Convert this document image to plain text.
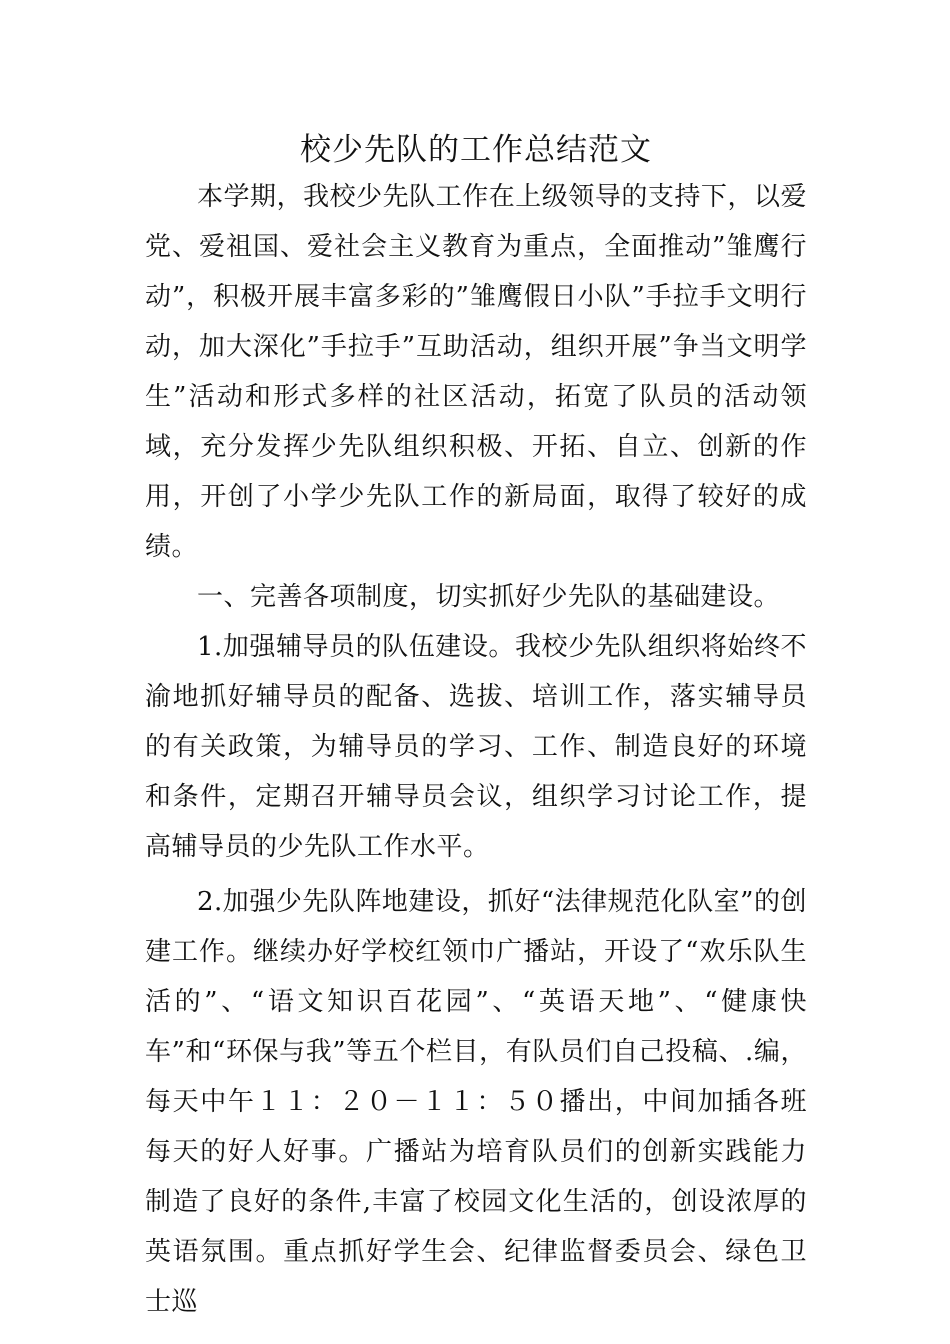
校少先队的工作总结范文

本学期，我校少先队工作在上级领导的支持下，以爱党、爱祖国、爱社会主义教育为重点，全面推动”雏鹰行动”，积极开展丰富多彩的”雏鹰假日小队”手拉手文明行动，加大深化”手拉手”互助活动，组织开展”争当文明学生”活动和形式多样的社区活动，拓宽了队员的活动领域，充分发挥少先队组织积极、开拓、自立、创新的作用，开创了小学少先队工作的新局面，取得了较好的成绩。

一、完善各项制度，切实抓好少先队的基础建设。

1.加强辅导员的队伍建设。我校少先队组织将始终不渝地抓好辅导员的配备、选拔、培训工作，落实辅导员的有关政策，为辅导员的学习、工作、制造良好的环境和条件，定期召开辅导员会议，组织学习讨论工作，提高辅导员的少先队工作水平。

2.加强少先队阵地建设，抓好“法律规范化队室”的创建工作。继续办好学校红领巾广播站，开设了“欢乐队生活的”、“语文知识百花园”、“英语天地”、“健康快车”和“环保与我”等五个栏目，有队员们自己投稿、.编，每天中午１１：２０－１１：５０播出，中间加插各班每天的好人好事。广播站为培育队员们的创新实践能力制造了良好的条件,丰富了校园文化生活的，创设浓厚的英语氛围。重点抓好学生会、纪律监督委员会、绿色卫士巡
